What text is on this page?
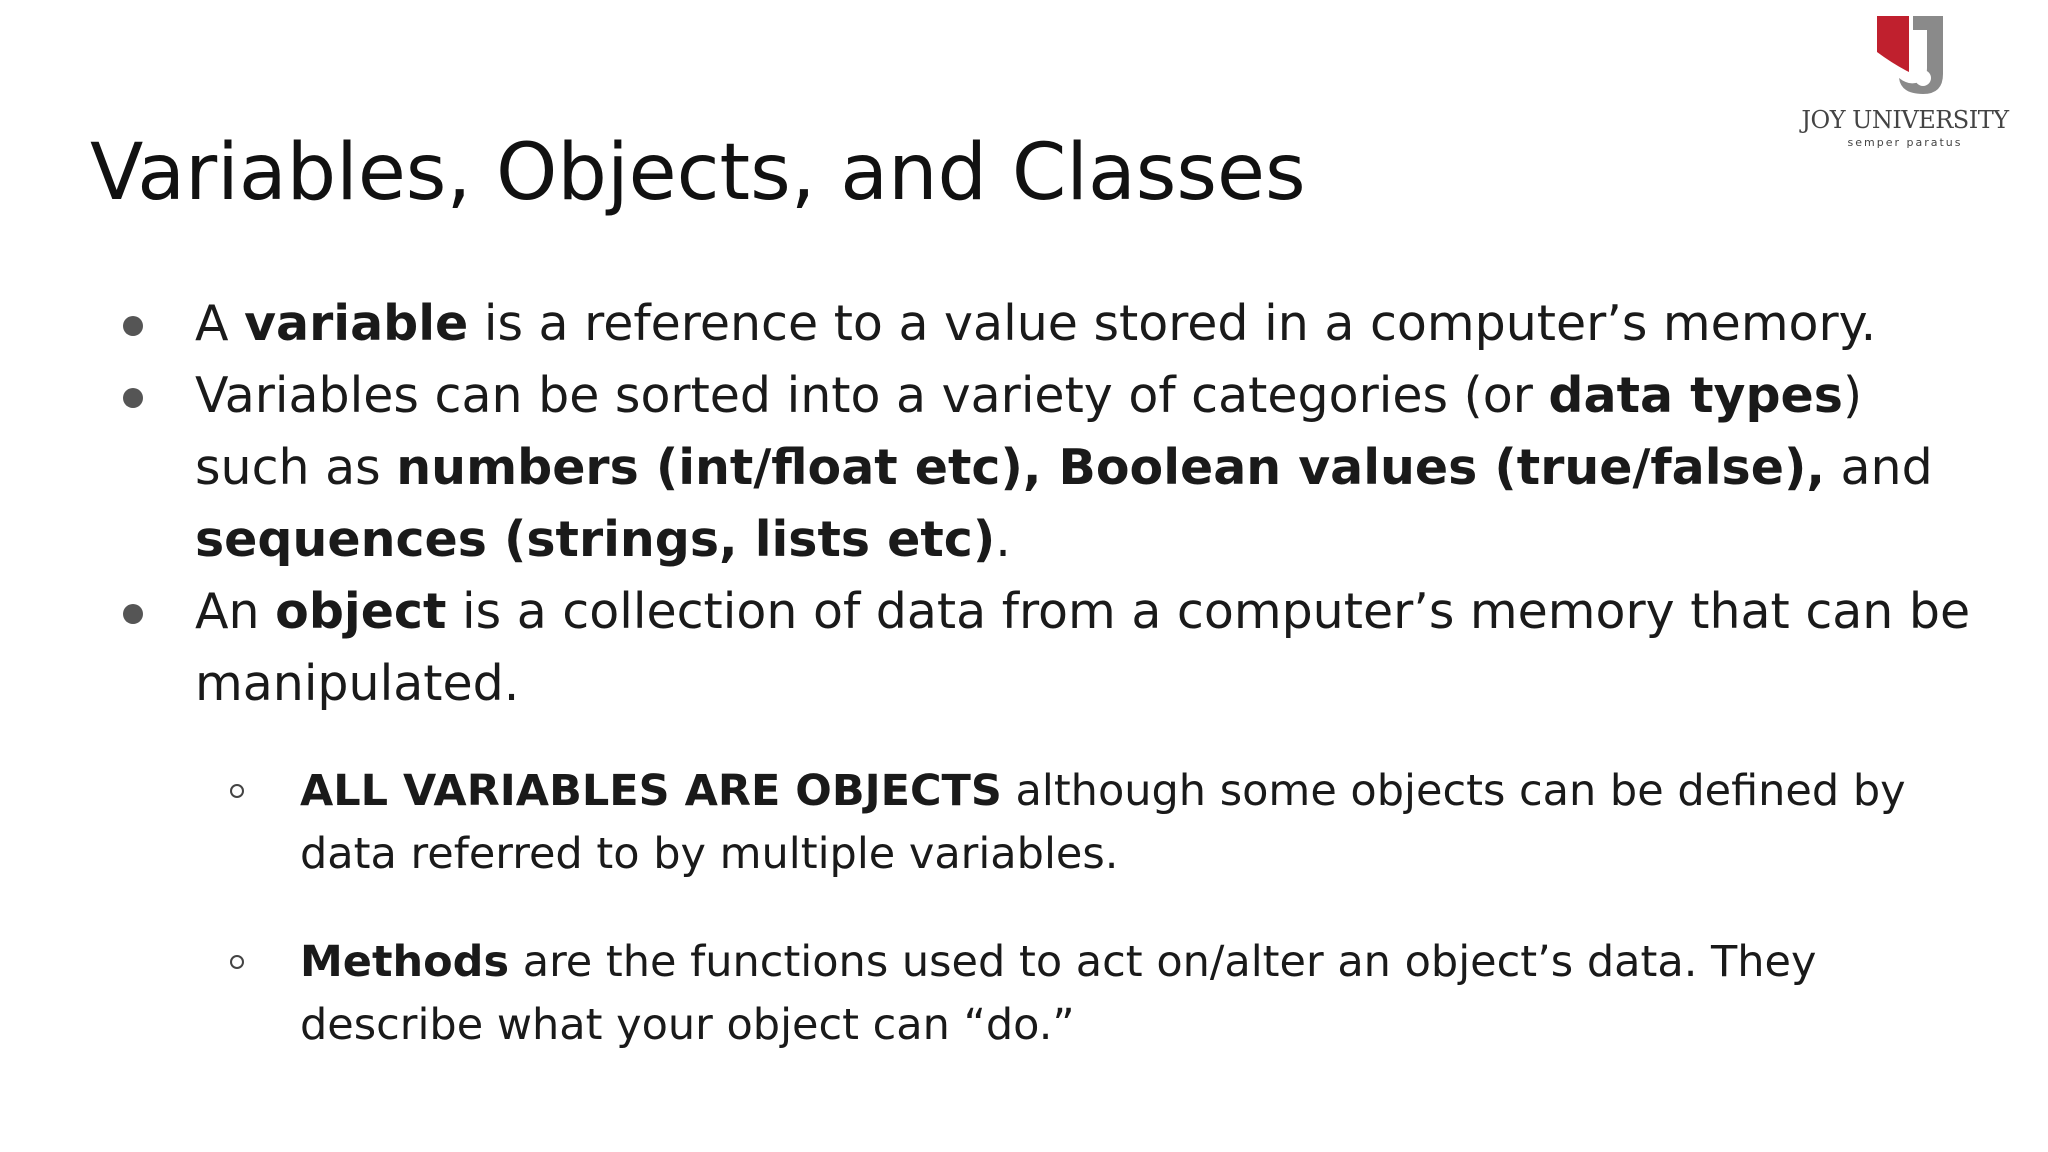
Variables, Objects, and Classes
JOY UNIVERSITY
semper paratus
A variable is a reference to a value stored in a computer’s memory.
Variables can be sorted into a variety of categories (or data types) such as numbers (int/float etc), Boolean values (true/false), and sequences (strings, lists etc).
An object is a collection of data from a computer’s memory that can be manipulated.
ALL VARIABLES ARE OBJECTS although some objects can be defined by data referred to by multiple variables.
Methods are the functions used to act on/alter an object’s data. They describe what your object can “do.”
